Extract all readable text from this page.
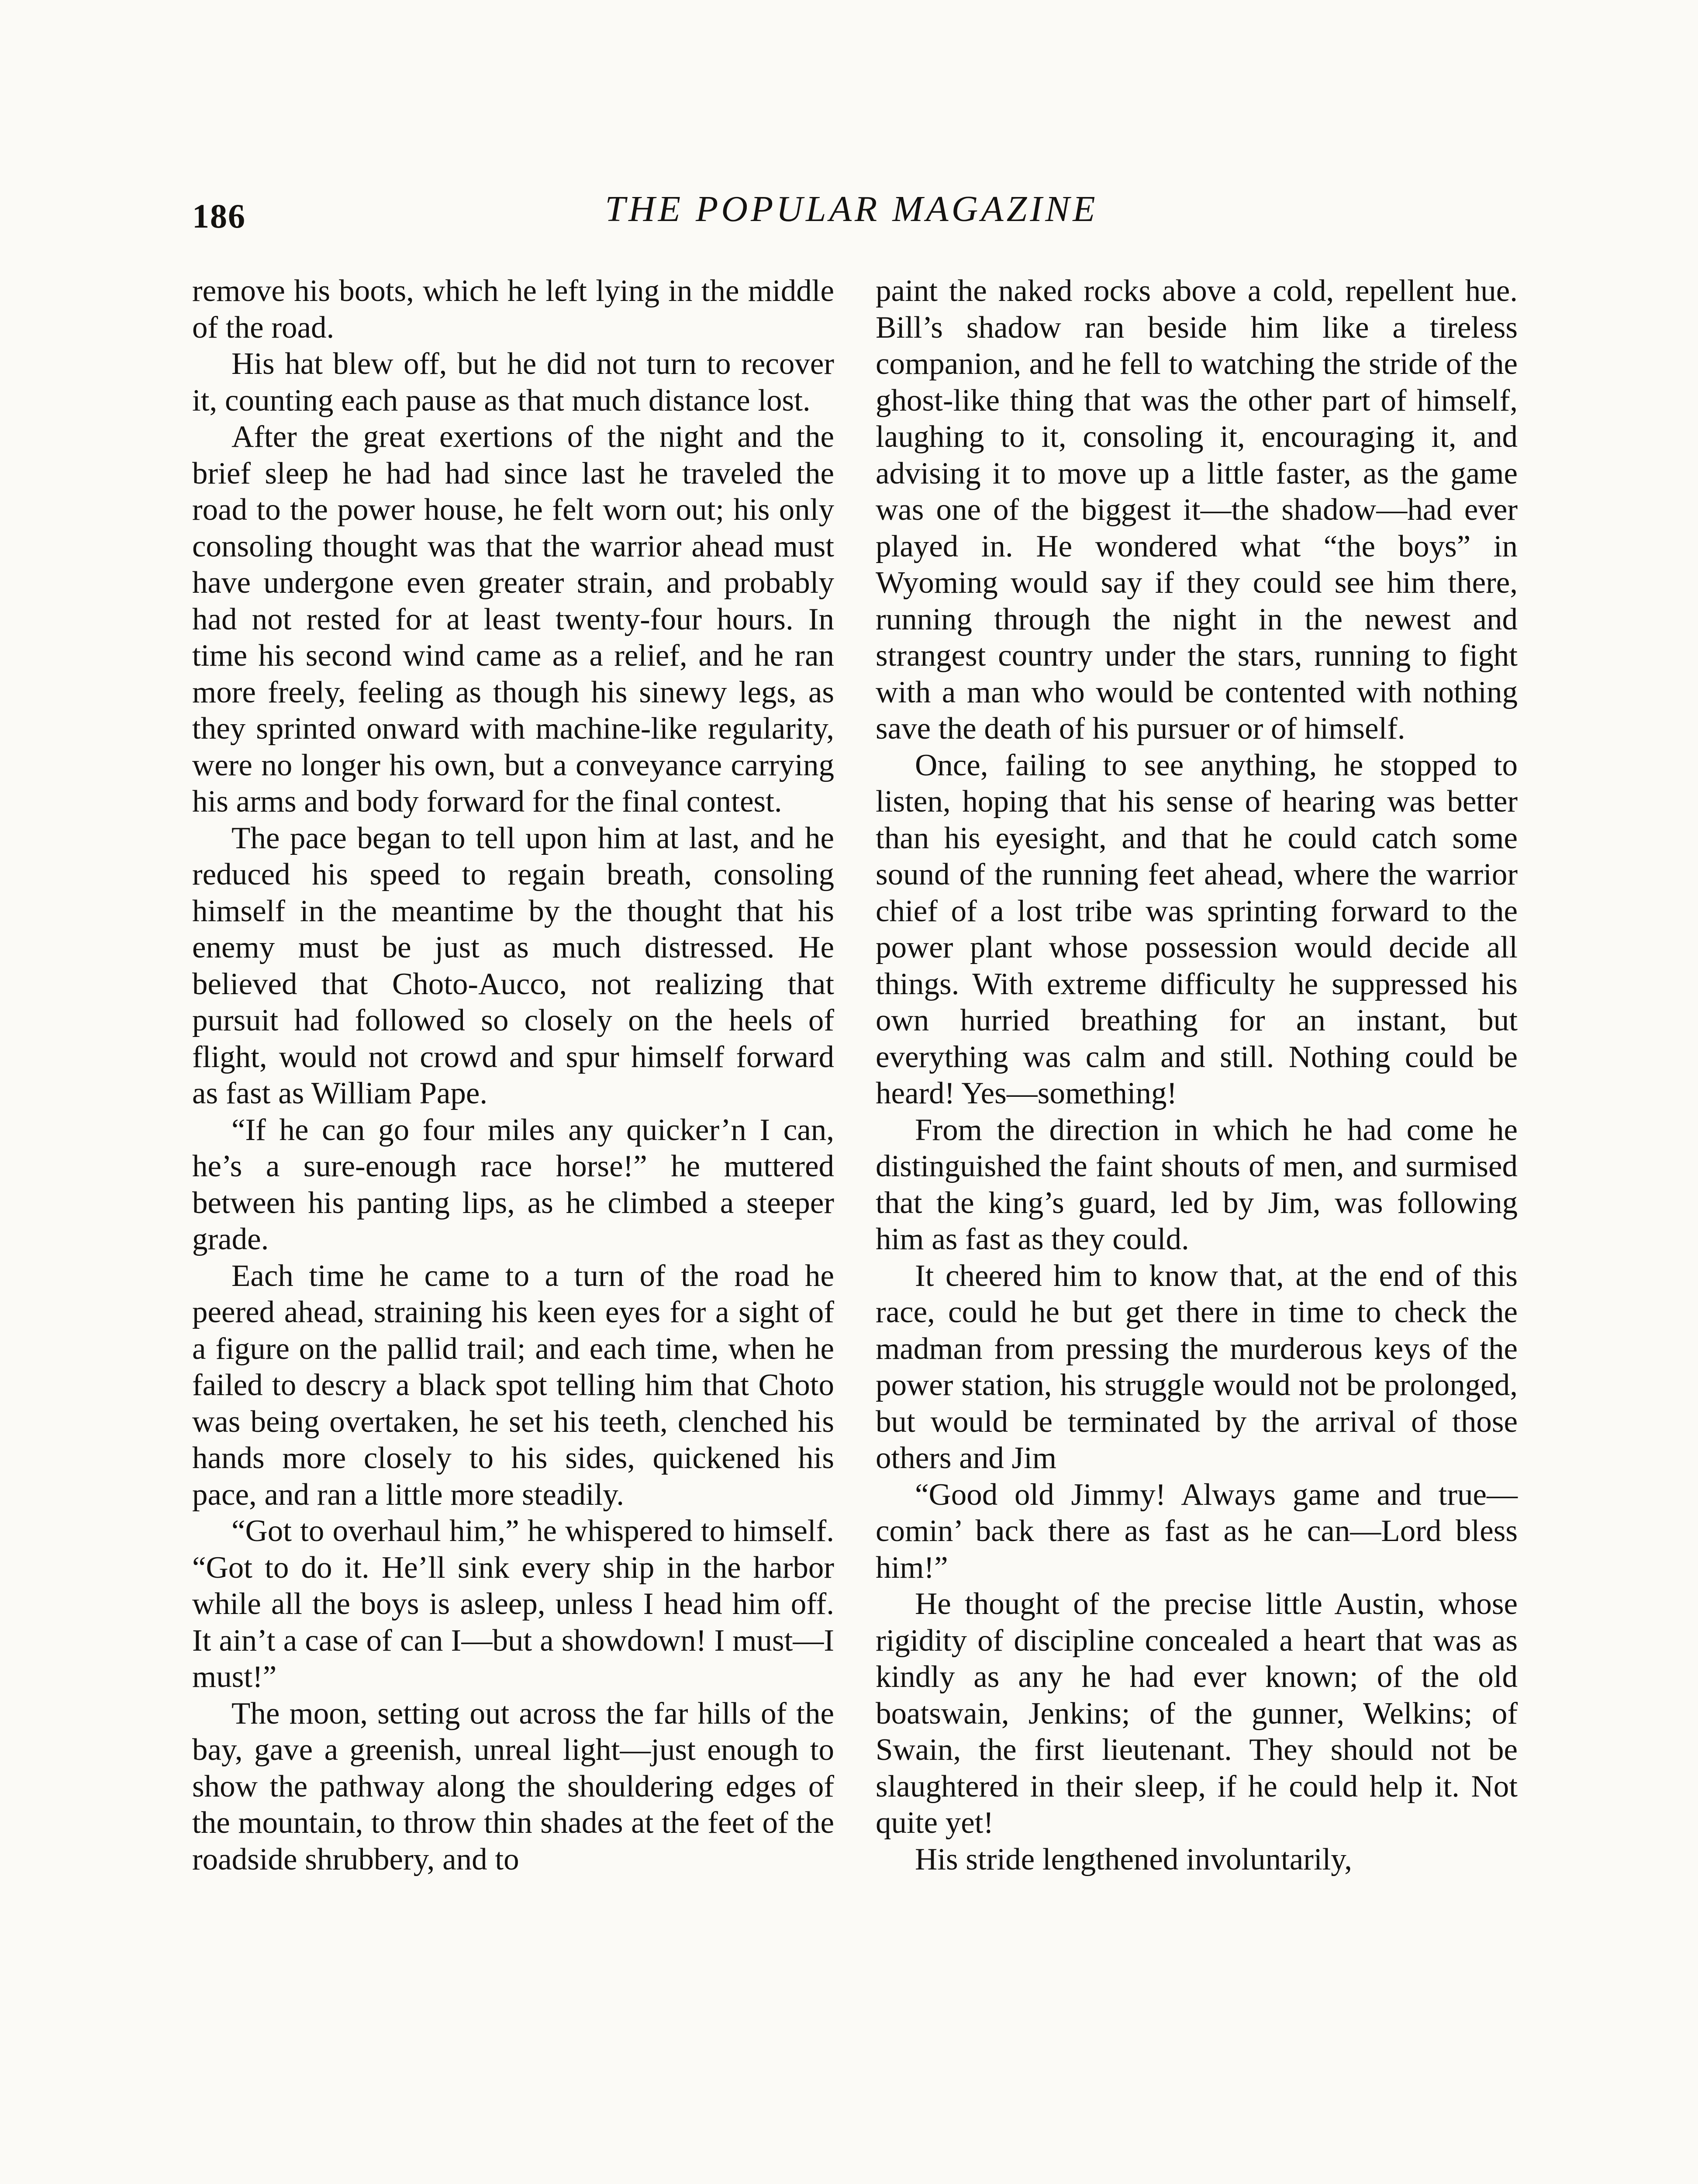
186	THE POPULAR MAGAZINE

remove his boots, which he left lying in the middle of the road.

His hat blew off, but he did not turn to recover it, counting each pause as that much distance lost.

After the great exertions of the night and the brief sleep he had had since last he traveled the road to the power house, he felt worn out; his only consoling thought was that the warrior ahead must have undergone even greater strain, and probably had not rested for at least twenty-four hours. In time his second wind came as a relief, and he ran more freely, feeling as though his sinewy legs, as they sprinted onward with machine-like regularity, were no longer his own, but a conveyance carrying his arms and body forward for the final contest.

The pace began to tell upon him at last, and he reduced his speed to regain breath, consoling himself in the meantime by the thought that his enemy must be just as much distressed. He believed that Choto-Aucco, not realizing that pursuit had followed so closely on the heels of flight, would not crowd and spur himself forward as fast as William Pape.

“If he can go four miles any quicker’n I can, he’s a sure-enough race horse!” he muttered between his panting lips, as he climbed a steeper grade.

Each time he came to a turn of the road he peered ahead, straining his keen eyes for a sight of a figure on the pallid trail; and each time, when he failed to descry a black spot telling him that Choto was being overtaken, he set his teeth, clenched his hands more closely to his sides, quickened his pace, and ran a little more steadily.

“Got to overhaul him,” he whispered to himself. “Got to do it. He’ll sink every ship in the harbor while all the boys is asleep, unless I head him off. It ain’t a case of can I—but a showdown! I must—I must!”

The moon, setting out across the far hills of the bay, gave a greenish, unreal light—just enough to show the pathway along the shouldering edges of the mountain, to throw thin shades at the feet of the roadside shrubbery, and to

paint the naked rocks above a cold, repellent hue. Bill’s shadow ran beside him like a tireless companion, and he fell to watching the stride of the ghost-like thing that was the other part of himself, laughing to it, consoling it, encouraging it, and advising it to move up a little faster, as the game was one of the biggest it—the shadow—had ever played in. He wondered what “the boys” in Wyoming would say if they could see him there, running through the night in the newest and strangest country under the stars, running to fight with a man who would be contented with nothing save the death of his pursuer or of himself.

Once, failing to see anything, he stopped to listen, hoping that his sense of hearing was better than his eyesight, and that he could catch some sound of the running feet ahead, where the warrior chief of a lost tribe was sprinting forward to the power plant whose possession would decide all things. With extreme difficulty he suppressed his own hurried breathing for an instant, but everything was calm and still. Nothing could be heard! Yes—something!

From the direction in which he had come he distinguished the faint shouts of men, and surmised that the king’s guard, led by Jim, was following him as fast as they could.

It cheered him to know that, at the end of this race, could he but get there in time to check the madman from pressing the murderous keys of the power station, his struggle would not be prolonged, but would be terminated by the arrival of those others and Jim

“Good old Jimmy! Always game and true—comin’ back there as fast as he can—Lord bless him!”

He thought of the precise little Austin, whose rigidity of discipline concealed a heart that was as kindly as any he had ever known; of the old boatswain, Jenkins; of the gunner, Welkins; of Swain, the first lieutenant. They should not be slaughtered in their sleep, if he could help it. Not quite yet!

His stride lengthened involuntarily,
